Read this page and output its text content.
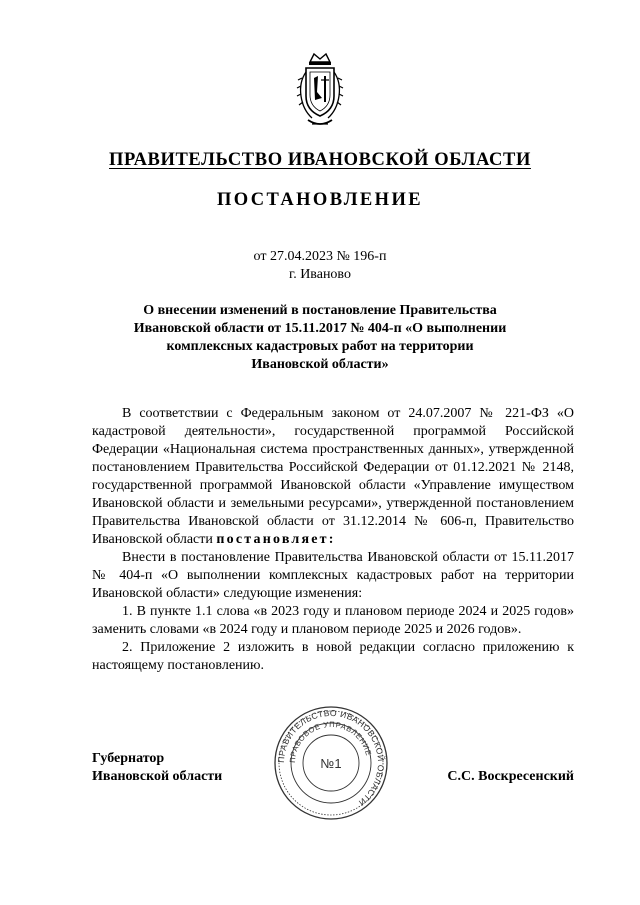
ПРАВИТЕЛЬСТВО ИВАНОВСКОЙ ОБЛАСТИ
ПОСТАНОВЛЕНИЕ
от 27.04.2023 № 196-п
г. Иваново
О внесении изменений в постановление Правительства
Ивановской области от 15.11.2017 № 404-п «О выполнении
комплексных кадастровых работ на территории
Ивановской области»

В соответствии с Федеральным законом от 24.07.2007 № 221-ФЗ «О кадастровой деятельности», государственной программой Российской Федерации «Национальная система пространственных данных», утвержденной постановлением Правительства Российской Федерации от 01.12.2021 № 2148, государственной программой Ивановской области «Управление имуществом Ивановской области и земельными ресурсами», утвержденной постановлением Правительства Ивановской области от 31.12.2014 № 606-п, Правительство Ивановской области постановляет:

Внести в постановление Правительства Ивановской области от 15.11.2017 № 404-п «О выполнении комплексных кадастровых работ на территории Ивановской области» следующие изменения:

1. В пункте 1.1 слова «в 2023 году и плановом периоде 2024 и 2025 годов» заменить словами «в 2024 году и плановом периоде 2025 и 2026 годов».

2. Приложение 2 изложить в новой редакции согласно приложению к настоящему постановлению.

Губернатор
Ивановской области	С.С. Воскресенский
ПРАВИТЕЛЬСТВО ИВАНОВСКОЙ ОБЛАСТИ
ПРАВОВОЕ УПРАВЛЕНИЕ
№1
